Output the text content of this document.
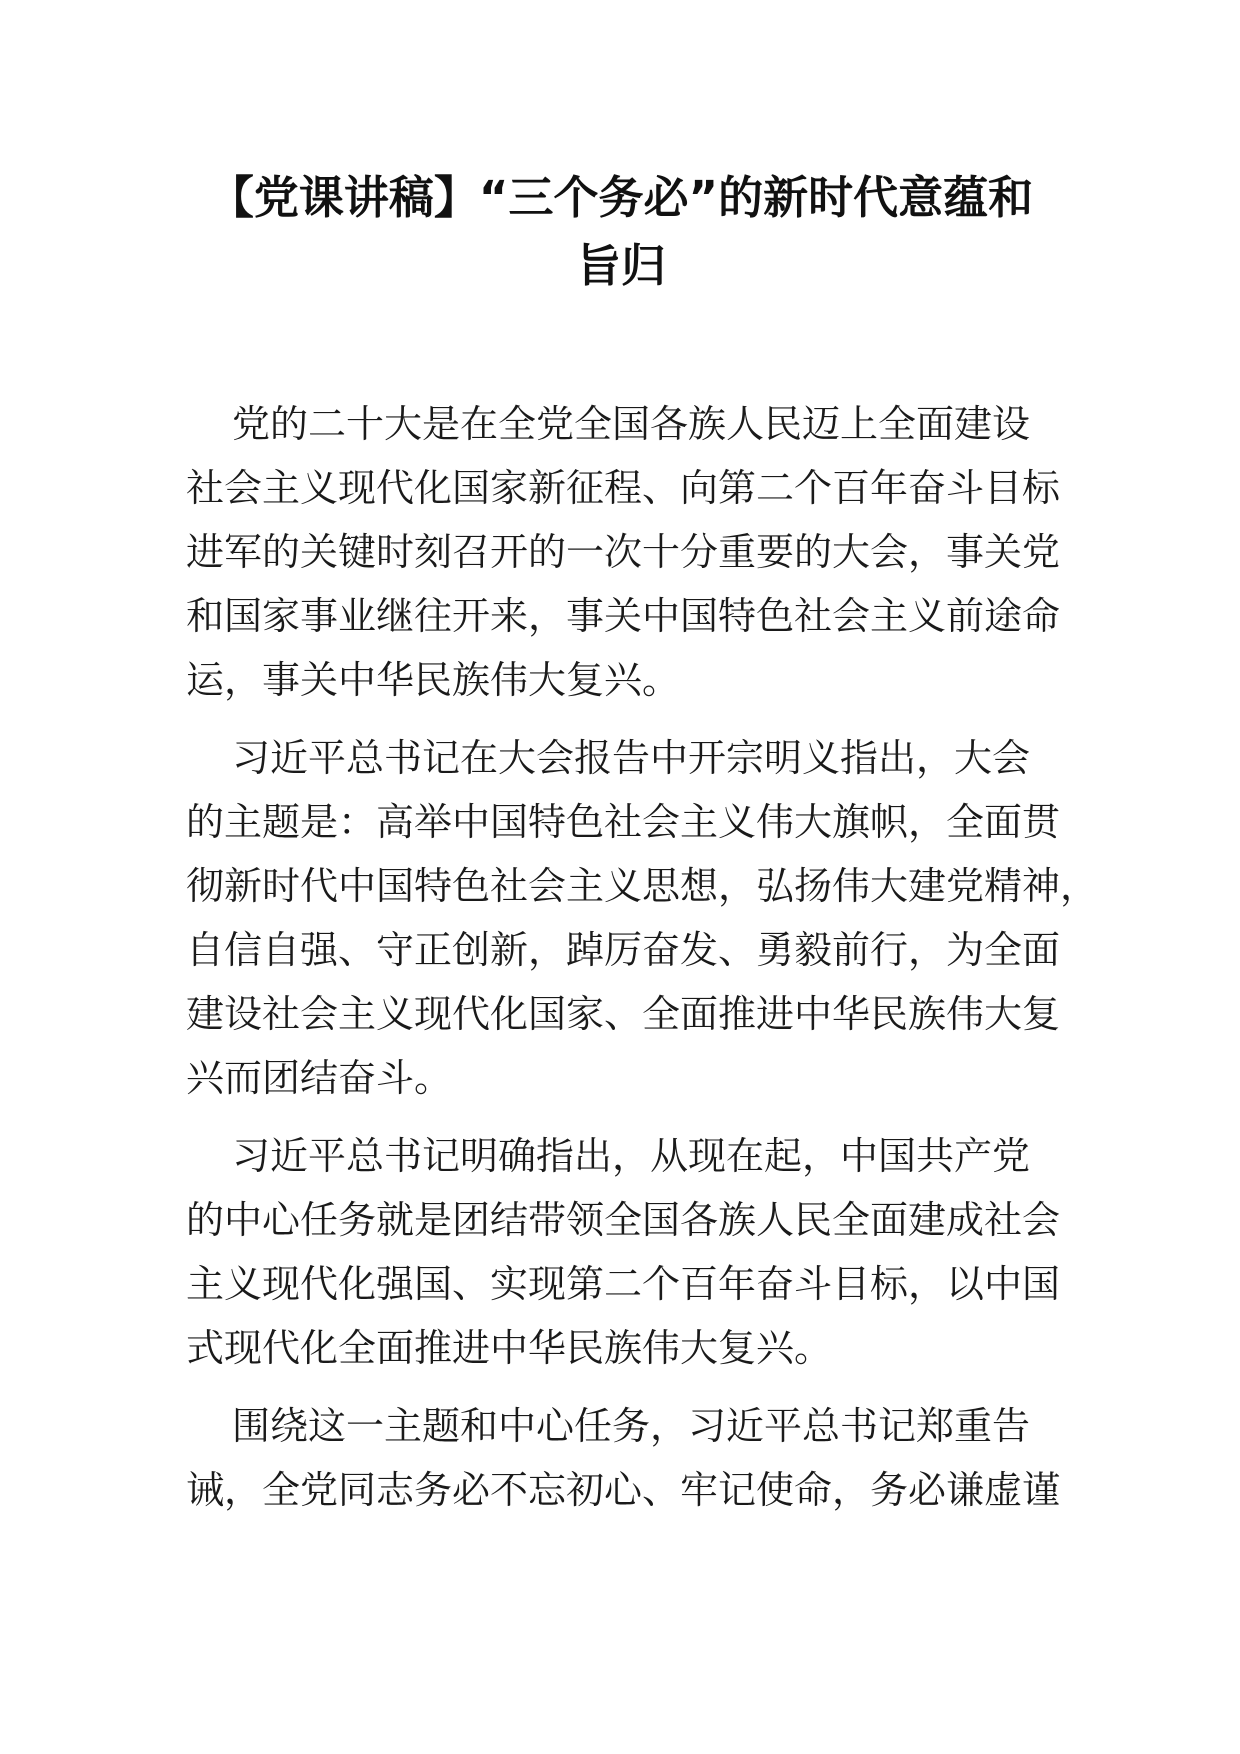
【党课讲稿】“三个务必”的新时代意蕴和
旨归

党的二十大是在全党全国各族人民迈上全面建设
社会主义现代化国家新征程、向第二个百年奋斗目标
进军的关键时刻召开的一次十分重要的大会，事关党
和国家事业继往开来，事关中国特色社会主义前途命
运，事关中华民族伟大复兴。

习近平总书记在大会报告中开宗明义指出，大会
的主题是：高举中国特色社会主义伟大旗帜，全面贯
彻新时代中国特色社会主义思想，弘扬伟大建党精神，
自信自强、守正创新，踔厉奋发、勇毅前行，为全面
建设社会主义现代化国家、全面推进中华民族伟大复
兴而团结奋斗。

习近平总书记明确指出，从现在起，中国共产党
的中心任务就是团结带领全国各族人民全面建成社会
主义现代化强国、实现第二个百年奋斗目标，以中国
式现代化全面推进中华民族伟大复兴。

围绕这一主题和中心任务，习近平总书记郑重告
诫，全党同志务必不忘初心、牢记使命，务必谦虚谨
